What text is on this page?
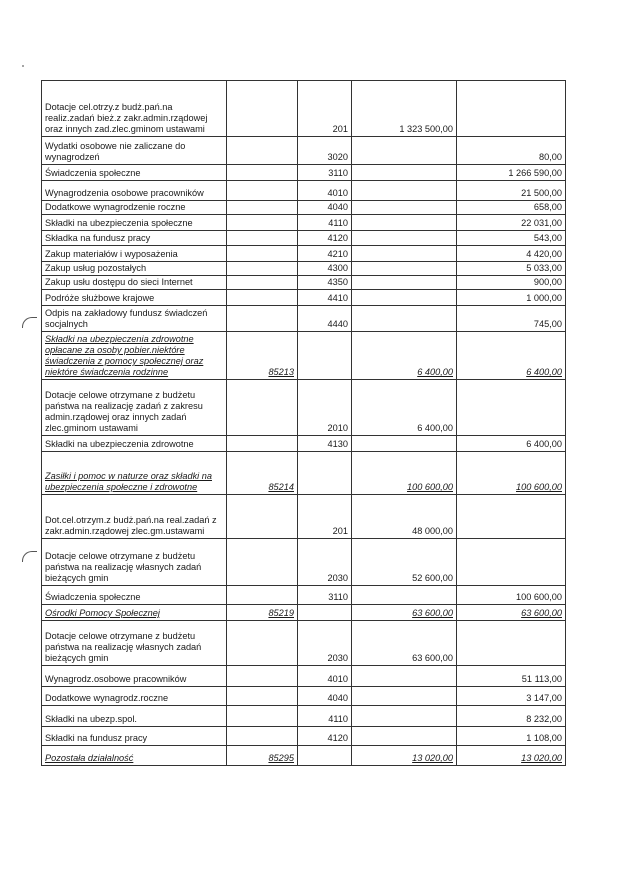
Dotacje cel.otrzy.z budż.pań.na realiz.zadań bież.z zakr.admin.rządowej oraz innych zad.zlec.gminom ustawami		201	1 323 500,00	
Wydatki osobowe nie zaliczane do wynagrodzeń		3020		80,00
Świadczenia społeczne		3110		1 266 590,00
Wynagrodzenia osobowe pracowników		4010		21 500,00
Dodatkowe wynagrodzenie roczne		4040		658,00
Składki na ubezpieczenia społeczne		4110		22 031,00
Składka na fundusz pracy		4120		543,00
Zakup materiałów i wyposażenia		4210		4 420,00
Zakup usług pozostałych		4300		5 033,00
Zakup usłu dostępu do sieci Internet		4350		900,00
Podróże służbowe krajowe		4410		1 000,00
Odpis na zakładowy fundusz świadczeń socjalnych		4440		745,00
Składki na ubezpieczenia zdrowotne opłacane za osoby pobier.niektóre świadczenia z pomocy społecznej oraz niektóre świadczenia rodzinne	85213		6 400,00	6 400,00
Dotacje celowe otrzymane z budżetu państwa na realizację zadań z zakresu admin.rządowej oraz innych zadań zlec.gminom ustawami		2010	6 400,00	
Składki na ubezpieczenia zdrowotne		4130		6 400,00
Zasiłki i pomoc w naturze oraz składki na ubezpieczenia społeczne i zdrowotne	85214		100 600,00	100 600,00
Dot.cel.otrzym.z budż.pań.na real.zadań z zakr.admin.rządowej zlec.gm.ustawami		201	48 000,00	
Dotacje celowe otrzymane z budżetu państwa na realizację własnych zadań bieżących gmin		2030	52 600,00	
Świadczenia społeczne		3110		100 600,00
Ośrodki Pomocy Społecznej	85219		63 600,00	63 600,00
Dotacje celowe otrzymane z budżetu państwa na realizację własnych zadań bieżących gmin		2030	63 600,00	
Wynagrodz.osobowe pracowników		4010		51 113,00
Dodatkowe wynagrodz.roczne		4040		3 147,00
Składki na ubezp.spol.		4110		8 232,00
Składki na fundusz pracy		4120		1 108,00
Pozostała działalność	85295		13 020,00	13 020,00
